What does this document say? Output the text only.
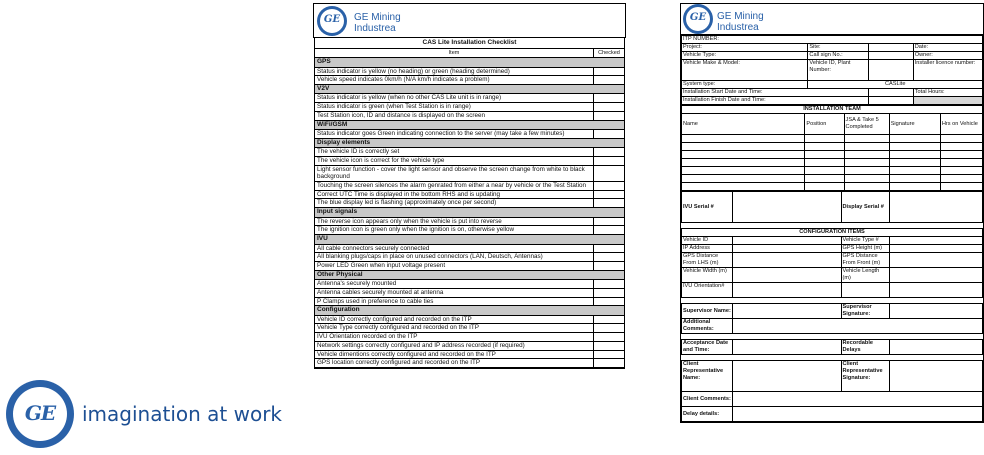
GE	imagination at work
GE	GE Mining
Industrea
CAS Lite Installation Checklist
Item	Checked
GPS
Status indicator is yellow (no heading) or green (heading determined)
Vehicle speed indicates 0km/h (N/A km/h indicates a problem)
V2V
Status indicator is yellow (when no other CAS Lite unit is in range)
Status indicator is green (when Test Station is in range)
Test Station icon, ID and distance is displayed on the screen
WiFi/GSM
Status indicator goes Green indicating connection to the server (may take a few minutes)
Display elements
The vehicle ID is correctly set
The vehicle icon is correct for the vehicle type
Light sensor function - cover the light sensor and observe the screen change from white to black background
Touching the screen silences the alarm genrated from either a near by vehicle or the Test Station
Correct UTC Time is displayed in the bottom RHS and is updating
The blue display led is flashing (approximately once per second)
Input signals
The reverse icon appears only when the vehicle is put into reverse
The ignition icon is green only when the ignition is on, otherwise yellow
IVU
All cable connectors securely connected
All blanking plugs/caps in place on unused connectors (LAN, Deutsch, Antennas)
Power LED Green when input voltage present
Other Physical
Antenna's securely mounted
Antenna cables securely mounted at antenna
P Clamps used in preference to cable ties
Configuration
Vehicle ID correctly configured and recorded on the ITP
Vehicle Type correctly configured and recorded on the ITP
IVU Orientation recorded on the ITP
Network settings correctly configured and IP address recorded (if required)
Vehicle dimentions correctly configured and recorded on the ITP
GPS location correctly configured and recorded on the ITP
GE	GE Mining
Industrea
ITP NUMBER:			
Project:	Site:		Date:
Vehicle Type:	Call sign No.:		Owner:
Vehicle Make & Model:	Vehicle ID, Plant Number:		Installer licence number:
System type:	CASLite		
Installation Start Date and Time:			Total Hours:
Installation Finish Date and Time:			
INSTALLATION TEAM				
Name	Position	JSA & Take 5 Completed	Signature	Hrs on Vehicle

IVU Serial #		Display Serial #	

CONFIGURATION ITEMS			
Vehicle ID		Vehicle Type #	
IP Address		GPS Height (m)	
GPS Distance From LHS (m)		GPS Distance From Front (m)	
Vehicle Width (m)		Vehicle Length (m)	
IVU Orientation#			

Supervisor Name:		Supervisor Signature:	
Additional Comments:			

Acceptance Date and Time:		Recordable Delays	

Client Representative Name:		Client Representative Signature:	
Client Comments:			
Delay details:			
